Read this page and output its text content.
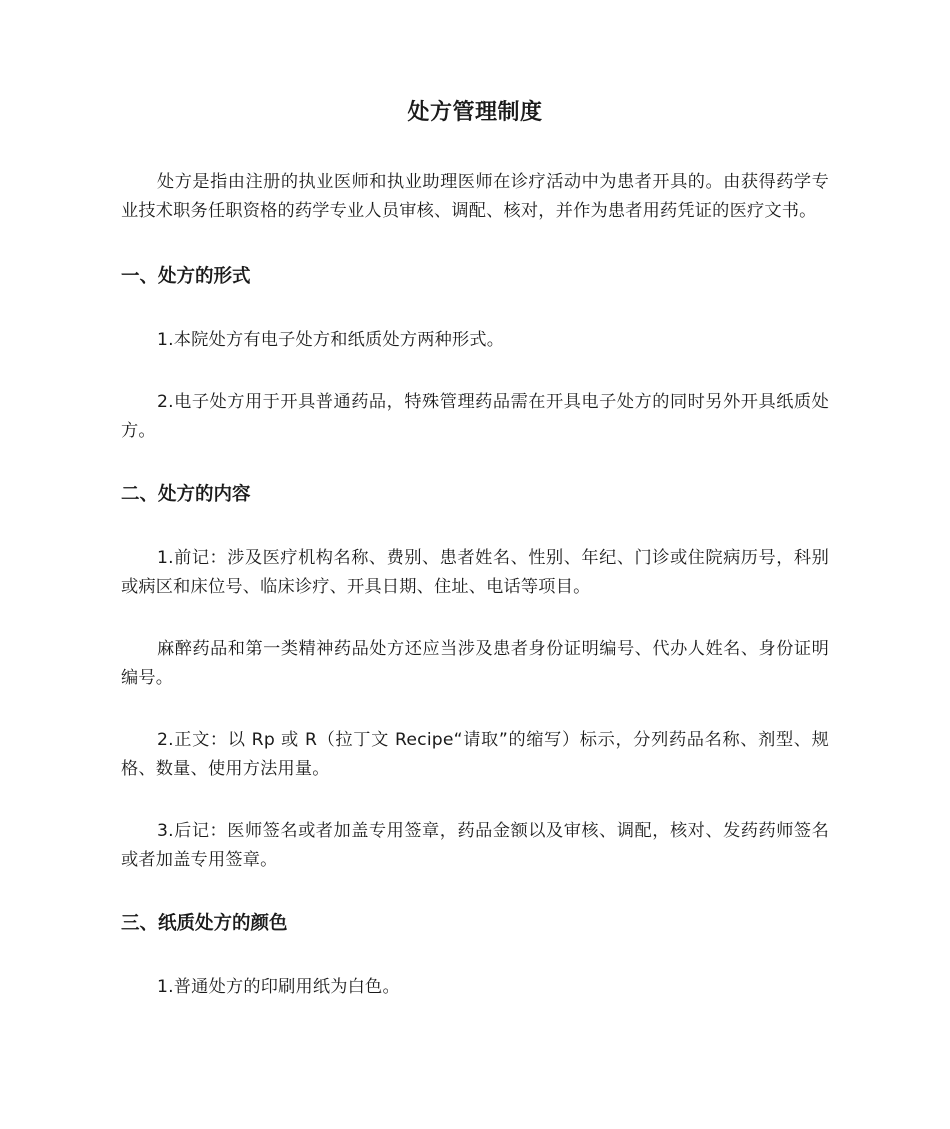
处方管理制度

处方是指由注册的执业医师和执业助理医师在诊疗活动中为患者开具的。由获得药学专业技术职务任职资格的药学专业人员审核、调配、核对，并作为患者用药凭证的医疗文书。

一、处方的形式

1.本院处方有电子处方和纸质处方两种形式。

2.电子处方用于开具普通药品，特殊管理药品需在开具电子处方的同时另外开具纸质处方。

二、处方的内容

1.前记：涉及医疗机构名称、费别、患者姓名、性别、年纪、门诊或住院病历号，科别或病区和床位号、临床诊疗、开具日期、住址、电话等项目。

麻醉药品和第一类精神药品处方还应当涉及患者身份证明编号、代办人姓名、身份证明编号。

2.正文：以 Rp 或 R（拉丁文 Recipe“请取”的缩写）标示，分列药品名称、剂型、规格、数量、使用方法用量。

3.后记：医师签名或者加盖专用签章，药品金额以及审核、调配，核对、发药药师签名或者加盖专用签章。

三、纸质处方的颜色

1.普通处方的印刷用纸为白色。
